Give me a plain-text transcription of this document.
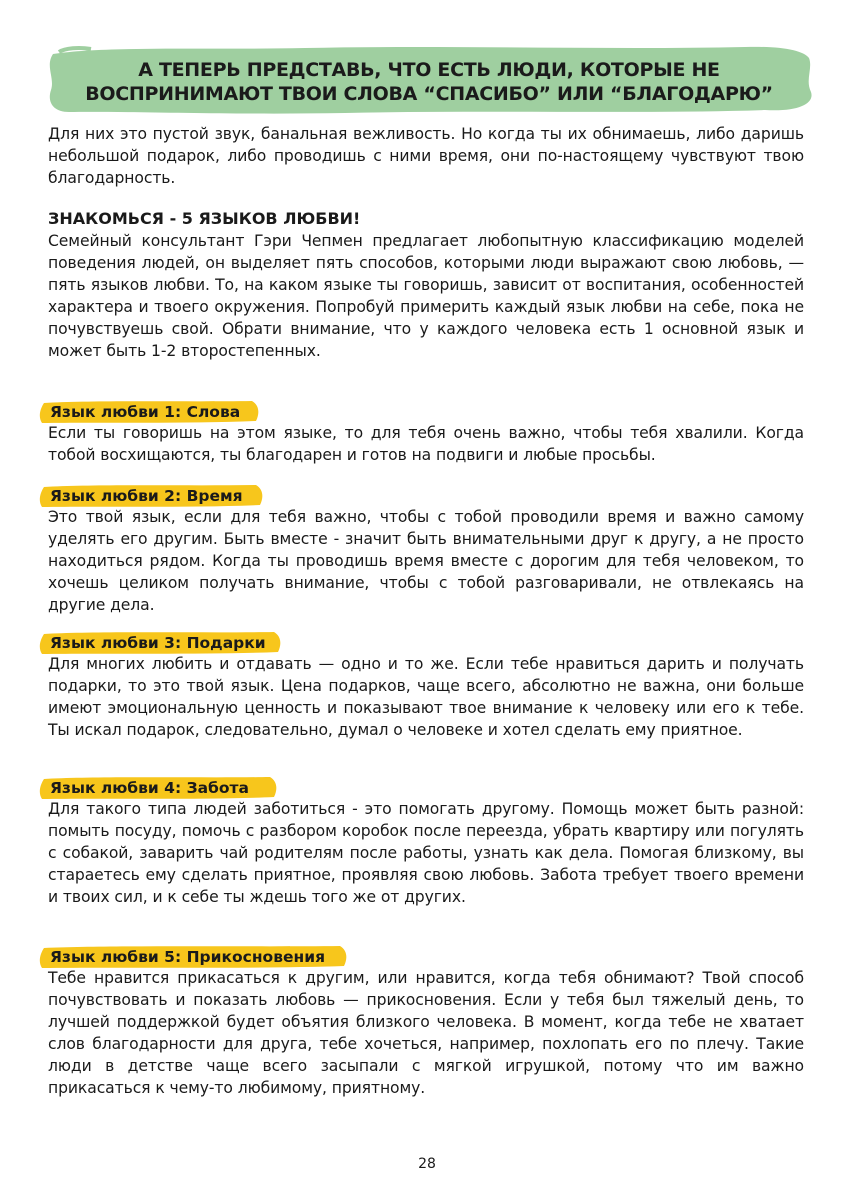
А ТЕПЕРЬ ПРЕДСТАВЬ, ЧТО ЕСТЬ ЛЮДИ, КОТОРЫЕ НЕ
ВОСПРИНИМАЮТ ТВОИ СЛОВА “СПАСИБО” ИЛИ “БЛАГОДАРЮ”

Для них это пустой звук, банальная вежливость. Но когда ты их обнимаешь, либо даришь небольшой подарок, либо проводишь с ними время, они по-настоящему чувствуют твою благодарность.

ЗНАКОМЬСЯ - 5 ЯЗЫКОВ ЛЮБВИ!

Семейный консультант Гэри Чепмен предлагает любопытную классификацию моделей поведения людей, он выделяет пять способов, которыми люди выражают свою любовь, — пять языков любви. То, на каком языке ты говоришь, зависит от воспитания, особенностей характера и твоего окружения. Попробуй примерить каждый язык любви на себе, пока не почувствуешь свой. Обрати внимание, что у каждого человека есть 1 основной язык и может быть 1-2 второстепенных.

Язык любви 1: Слова

Если ты говоришь на этом языке, то для тебя очень важно, чтобы тебя хвалили. Когда тобой восхищаются, ты благодарен и готов на подвиги и любые просьбы.

Язык любви 2: Время

Это твой язык, если для тебя важно, чтобы с тобой проводили время и важно самому уделять его другим. Быть вместе - значит быть внимательными друг к другу, а не просто находиться рядом. Когда ты проводишь время вместе с дорогим для тебя человеком, то хочешь целиком получать внимание, чтобы с тобой разговаривали, не отвлекаясь на другие дела.

Язык любви 3: Подарки

Для многих любить и отдавать — одно и то же. Если тебе нравиться дарить и получать подарки, то это твой язык. Цена подарков, чаще всего, абсолютно не важна, они больше имеют эмоциональную ценность и показывают твое внимание к человеку или его к тебе. Ты искал подарок, следовательно, думал о человеке и хотел сделать ему приятное.

Язык любви 4: Забота

Для такого типа людей заботиться - это помогать другому. Помощь может быть разной: помыть посуду, помочь с разбором коробок после переезда, убрать квартиру или погулять с собакой, заварить чай родителям после работы, узнать как дела. Помогая близкому, вы стараетесь ему сделать приятное, проявляя свою любовь. Забота требует твоего времени и твоих сил, и к себе ты ждешь того же от других.

Язык любви 5: Прикосновения

Тебе нравится прикасаться к другим, или нравится, когда тебя обнимают? Твой способ почувствовать и показать любовь — прикосновения. Если у тебя был тяжелый день, то лучшей поддержкой будет объятия близкого человека. В момент, когда тебе не хватает слов благодарности для друга, тебе хочеться, например, похлопать его по плечу. Такие люди в детстве чаще всего засыпали с мягкой игрушкой, потому что им важно прикасаться к чему-то любимому, приятному.

28
